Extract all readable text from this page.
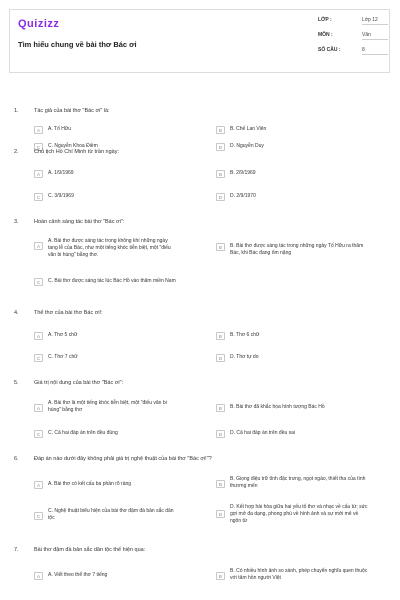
Quizizz
Tìm hiểu chung về bài thơ Bác ơi
LỚP :	Lớp 12
MÔN :	Văn
SỐ CÂU :	8
1.	Tác giả của bài thơ "Bác ơi" là:
A	A. Tố Hữu	B	B. Chế Lan Viên
C	C. Nguyễn Khoa Điềm	D	D. Nguyễn Duy
2.	Chủ tịch Hồ Chí Minh từ trần ngày:
A	A. 1/9/1969	B	B. 2/9/1969
C	C. 3/9/1969	D	D. 2/9/1970
3.	Hoàn cảnh sáng tác bài thơ "Bác ơi":
A
A. Bài thơ được sáng tác trong không khí những ngày tang lễ của Bác, như một tiếng khóc tiễn biệt, một "điếu văn bi hùng" bằng thơ.
B	B. Bài thơ được sáng tác trong những ngày Tố Hữu ra thăm Bác, khi Bác đang ốm nặng
C	C. Bài thơ được sáng tác lúc Bác Hồ vào thăm miền Nam
4.	Thể thơ của bài thơ Bác ơi!:
A	A. Thơ 5 chữ	B	B. Thơ 6 chữ
C	C. Thơ 7 chữ	D	D. Thơ tự do
5.	Giá trị nội dung của bài thơ "Bác ơi":
A
A. Bài thơ là một tiếng khóc tiễn biệt, một "điếu văn bi hùng" bằng thơ	B	B. Bài thơ đã khắc họa hình tượng Bác Hồ
C	C. Cả hai đáp án trên đều đúng	D	D. Cả hai đáp án trên đều sai
6.	Đáp án nào dưới đây không phải giá trị nghệ thuật của bài thơ "Bác ơi!"?
A	A. Bài thơ có kết cấu ba phần rõ ràng	B
B. Giọng điệu trữ tình đặc trưng, ngọt ngào, thiết tha của tình thương mến
C
C. Nghệ thuật biểu hiện của bài thơ đậm đà bản sắc dân tộc
D
D. Kết hợp hài hòa giữa hai yếu tố thơ và nhạc về cấu tứ; sức gợi mở đa dạng, phong phú về hình ảnh và sự mới mẻ về ngôn từ
7.	Bài thơ đậm đà bản sắc dân tộc thể hiện qua:
A	A. Viết theo thể thơ 7 tiếng	B
B. Có nhiều hình ảnh so sánh, phép chuyển nghĩa quen thuộc với tâm hồn người Việt
